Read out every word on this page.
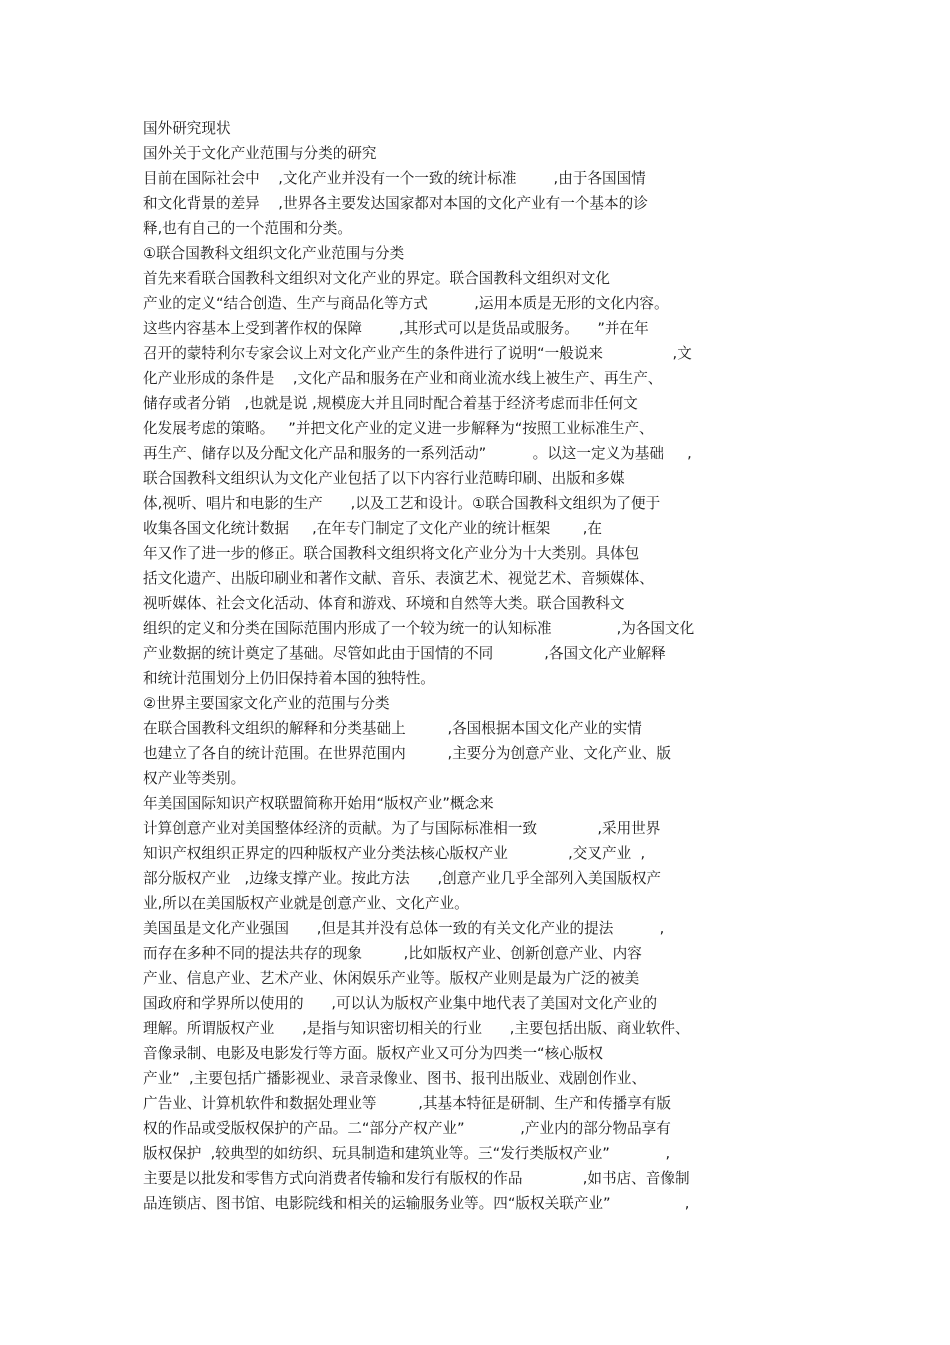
国外研究现状
国外关于文化产业范围与分类的研究
目前在国际社会中    ,文化产业并没有一个一致的统计标准        ,由于各国国情
和文化背景的差异    ,世界各主要发达国家都对本国的文化产业有一个基本的诊
释,也有自己的一个范围和分类。
①联合国教科文组织文化产业范围与分类
首先来看联合国教科文组织对文化产业的界定。联合国教科文组织对文化
产业的定义“结合创造、生产与商品化等方式          ,运用本质是无形的文化内容。
这些内容基本上受到著作权的保障        ,其形式可以是货品或服务。    ”并在年
召开的蒙特利尔专家会议上对文化产业产生的条件进行了说明“一般说来               ,文
化产业形成的条件是    ,文化产品和服务在产业和商业流水线上被生产、再生产、
储存或者分销   ,也就是说 ,规模庞大并且同时配合着基于经济考虑而非任何文
化发展考虑的策略。   ”并把文化产业的定义进一步解释为“按照工业标准生产、
再生产、储存以及分配文化产品和服务的一系列活动”          。以这一定义为基础     ,
联合国教科文组织认为文化产业包括了以下内容行业范畴印刷、出版和多媒
体,视听、唱片和电影的生产      ,以及工艺和设计。①联合国教科文组织为了便于
收集各国文化统计数据     ,在年专门制定了文化产业的统计框架       ,在
年又作了进一步的修正。联合国教科文组织将文化产业分为十大类别。具体包
括文化遗产、出版印刷业和著作文献、音乐、表演艺术、视觉艺术、音频媒体、
视听媒体、社会文化活动、体育和游戏、环境和自然等大类。联合国教科文
组织的定义和分类在国际范围内形成了一个较为统一的认知标准              ,为各国文化
产业数据的统计奠定了基础。尽管如此由于国情的不同           ,各国文化产业解释
和统计范围划分上仍旧保持着本国的独特性。
②世界主要国家文化产业的范围与分类
在联合国教科文组织的解释和分类基础上         ,各国根据本国文化产业的实情
也建立了各自的统计范围。在世界范围内         ,主要分为创意产业、文化产业、版
权产业等类别。
年美国国际知识产权联盟简称开始用“版权产业”概念来
计算创意产业对美国整体经济的贡献。为了与国际标准相一致             ,采用世界
知识产权组织正界定的四种版权产业分类法核心版权产业             ,交叉产业  ,
部分版权产业   ,边缘支撑产业。按此方法      ,创意产业几乎全部列入美国版权产
业,所以在美国版权产业就是创意产业、文化产业。
美国虽是文化产业强国      ,但是其并没有总体一致的有关文化产业的提法          ,
而存在多种不同的提法共存的现象         ,比如版权产业、创新创意产业、内容
产业、信息产业、艺术产业、休闲娱乐产业等。版权产业则是最为广泛的被美
国政府和学界所以使用的      ,可以认为版权产业集中地代表了美国对文化产业的
理解。所谓版权产业      ,是指与知识密切相关的行业      ,主要包括出版、商业软件、
音像录制、电影及电影发行等方面。版权产业又可分为四类一“核心版权
产业”  ,主要包括广播影视业、录音录像业、图书、报刊出版业、戏剧创作业、
广告业、计算机软件和数据处理业等         ,其基本特征是研制、生产和传播享有版
权的作品或受版权保护的产品。二“部分产权产业”            ,产业内的部分物品享有
版权保护  ,较典型的如纺织、玩具制造和建筑业等。三“发行类版权产业”            ,
主要是以批发和零售方式向消费者传输和发行有版权的作品             ,如书店、音像制
品连锁店、图书馆、电影院线和相关的运输服务业等。四“版权关联产业”                ,
